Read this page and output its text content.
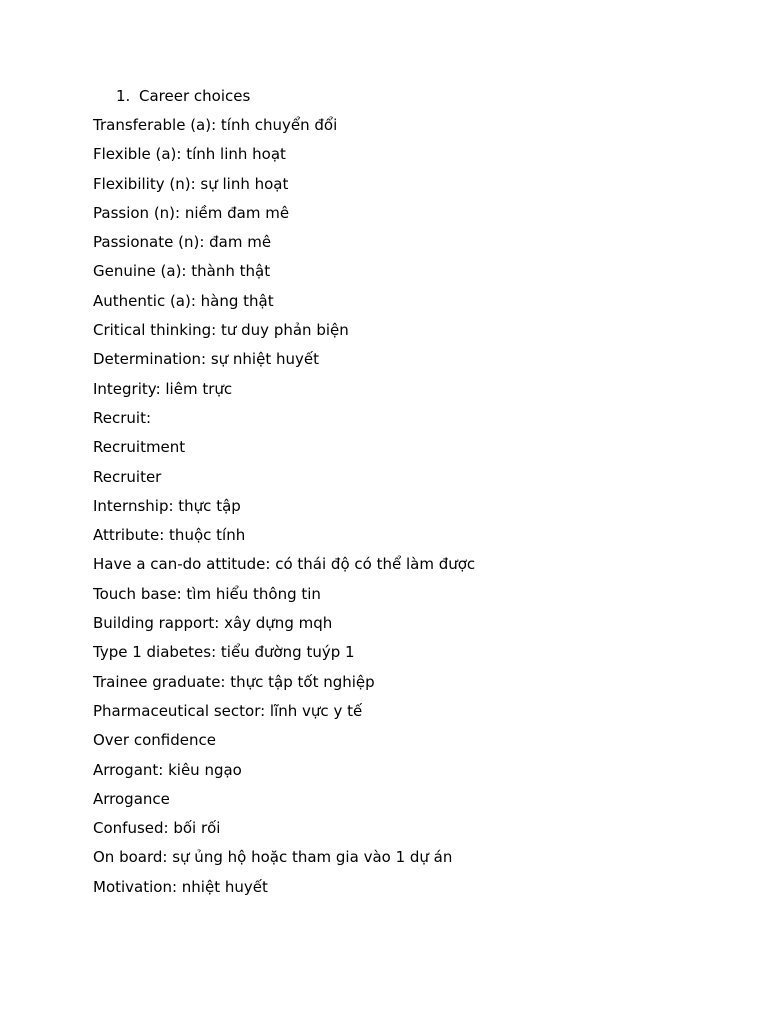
1. Career choices
Transferable (a): tính chuyển đổi
Flexible (a): tính linh hoạt
Flexibility (n): sự linh hoạt
Passion (n): niềm đam mê
Passionate (n): đam mê
Genuine (a): thành thật
Authentic (a): hàng thật
Critical thinking: tư duy phản biện
Determination: sự nhiệt huyết
Integrity: liêm trực
Recruit:
Recruitment
Recruiter
Internship: thực tập
Attribute: thuộc tính
Have a can-do attitude: có thái độ có thể làm được
Touch base: tìm hiểu thông tin
Building rapport: xây dựng mqh
Type 1 diabetes: tiểu đường tuýp 1
Trainee graduate: thực tập tốt nghiệp
Pharmaceutical sector: lĩnh vực y tế
Over confidence
Arrogant: kiêu ngạo
Arrogance
Confused: bối rối
On board: sự ủng hộ hoặc tham gia vào 1 dự án
Motivation: nhiệt huyết
